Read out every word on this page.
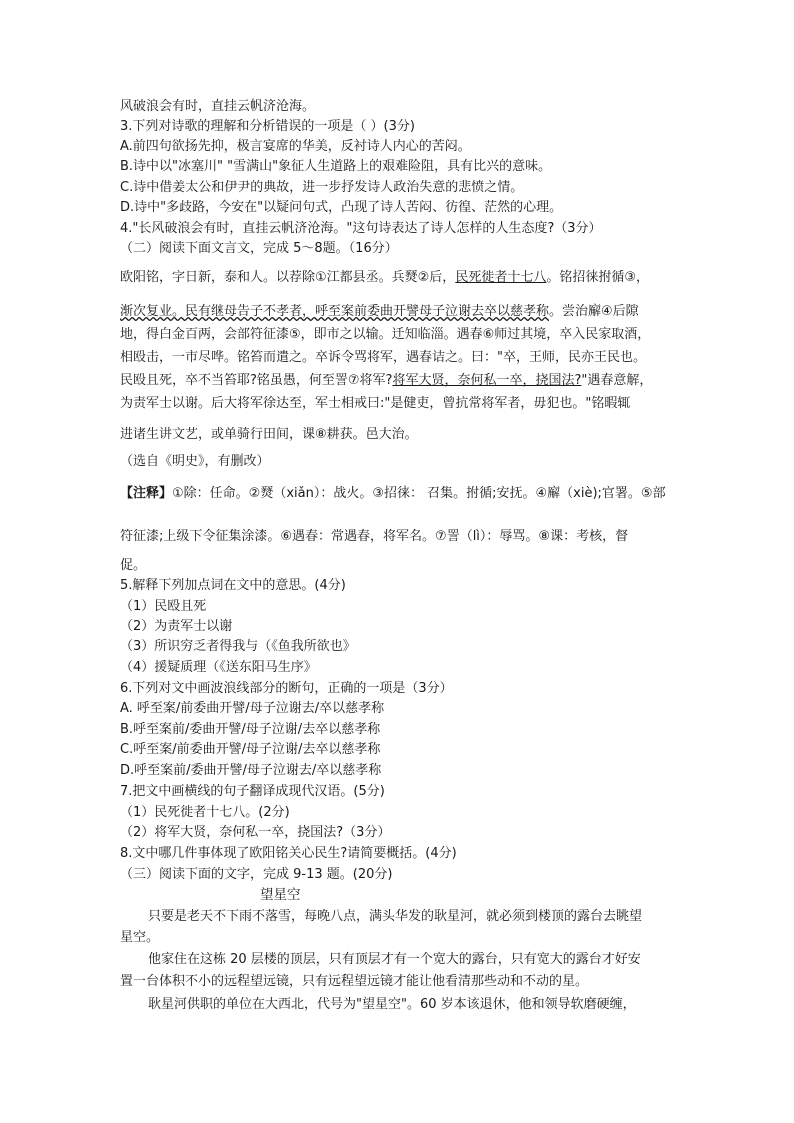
风破浪会有时，直挂云帆济沧海。
3.下列对诗歌的理解和分析错误的一项是（ ）(3分)
A.前四句欲扬先抑，极言宴席的华美，反衬诗人内心的苦闷。
B.诗中以"冰塞川" "雪满山"象征人生道路上的艰难险阻，具有比兴的意味。
C.诗中借姜太公和伊尹的典故，进一步抒发诗人政治失意的悲愤之情。
D.诗中"多歧路，今安在"以疑问句式，凸现了诗人苦闷、彷徨、茫然的心理。
4."长风破浪会有时，直挂云帆济沧海。"这句诗表达了诗人怎样的人生态度?（3分）
（二）阅读下面文言文，完成 5～8题。（16分）
欧阳铭，字日新，泰和人。以荐除①江都县丞。兵燹②后，民死徙者十七八。铭招徕拊循③，
渐次复业。民有继母告子不孝者，呼至案前委曲开譬母子泣谢去卒以慈孝称。尝治廨④后隙
地，得白金百两，会部符征漆⑤，即市之以输。迁知临淄。遇春⑥师过其境，卒入民家取酒，
相殴击，一市尽哗。铭笞而遣之。卒诉令骂将军，遇春诘之。曰："卒，王师，民亦王民也。
民殴且死，卒不当笞耶?铭虽愚，何至詈⑦将军?将军大贤，奈何私一卒，挠国法?"遇春意解，
为责军士以谢。后大将军徐达至，军士相戒曰:"是健吏，曾抗常将军者，毋犯也。"铭暇辄
进诸生讲文艺，或单骑行田间，课⑧耕获。邑大治。
（选自《明史》，有删改）
【注释】①除：任命。②燹（xiǎn）：战火。③招徕： 召集。拊循;安抚。④廨（xiè);官署。⑤部
符征漆;上级下令征集涂漆。⑥遇春：常遇春，将军名。⑦詈（lì）：辱骂。⑧课：考核，督
促。
5.解释下列加点词在文中的意思。(4分)
（1）民殴且死
（2）为责军士以谢
（3）所识穷乏者得我与（《鱼我所欲也》
（4）援疑质理（《送东阳马生序》
6.下列对文中画波浪线部分的断句，正确的一项是（3分）
A. 呼至案/前委曲开譬/母子泣谢去/卒以慈孝称
B.呼至案前/委曲开譬/母子泣谢/去卒以慈孝称
C.呼至案/前委曲开譬/母子泣谢/去卒以慈孝称
D.呼至案前/委曲开譬/母子泣谢去/卒以慈孝称
7.把文中画横线的句子翻译成现代汉语。(5分)
（1）民死徙者十七八。(2分)
（2）将军大贤，奈何私一卒，挠国法?（3分）
8.文中哪几件事体现了欧阳铭关心民生?请简要概括。(4分)
（三）阅读下面的文字，完成 9-13 题。(20分)
望星空
只要是老天不下雨不落雪，每晚八点，满头华发的耿星河，就必须到楼顶的露台去眺望
星空。
他家住在这栋 20 层楼的顶层，只有顶层才有一个宽大的露台，只有宽大的露台才好安
置一台体积不小的远程望远镜，只有远程望远镜才能让他看清那些动和不动的星。
耿星河供职的单位在大西北，代号为"望星空"。60 岁本该退休，他和领导软磨硬缠，
